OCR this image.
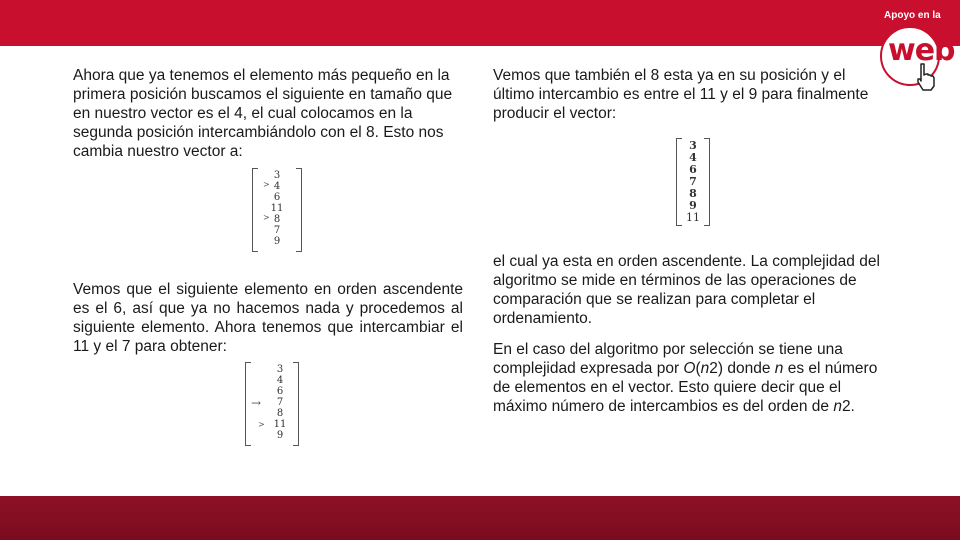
Apoyo en la
web

Ahora que ya tenemos el elemento más pequeño en la primera posición buscamos el siguiente en tamaño que en nuestro vector es el 4, el cual colocamos en la segunda posición intercambiándolo con el 8. Esto nos cambia nuestro vector a:

3
4
6
11
8
7
9
>
>

Vemos que el siguiente elemento en orden ascendente es el 6, así que ya no hacemos nada y procedemos al siguiente elemento. Ahora tenemos que intercambiar el 11 y el 7 para obtener:

3
4
6
7
8
11
9
→
>

Vemos que también el 8 esta ya en su posición y el último intercambio es entre el 11 y el 9 para finalmente producir el vector:

3
4
6
7
8
9
11

el cual ya esta en orden ascendente. La complejidad del algoritmo se mide en términos de las operaciones de comparación que se realizan para completar el ordenamiento.

En el caso del algoritmo por selección se tiene una complejidad expresada por O(n2) donde n es el número de elementos en el vector. Esto quiere decir que el máximo número de intercambios es del orden de n2.
